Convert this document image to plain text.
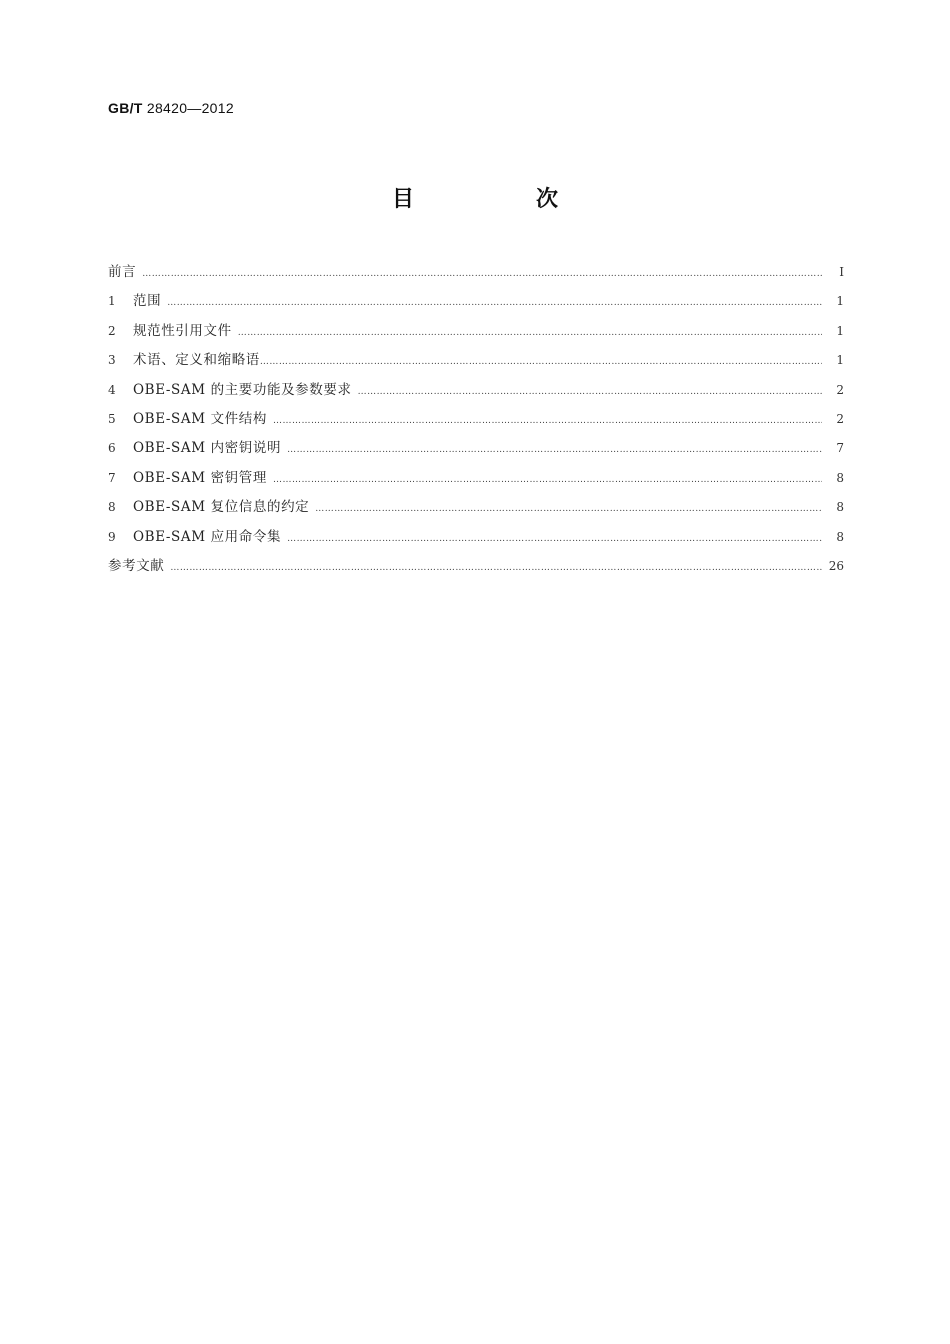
GB/T 28420—2012
目　次
前言 ………………………………………………………………………………………………………………………………………………………………………………………………………………………………………………	Ⅰ
1	范围 ………………………………………………………………………………………………………………………………………………………………………………………………………………………………………………	1
2	规范性引用文件 ………………………………………………………………………………………………………………………………………………………………………………………………………………………………………………	1
3	术语、定义和缩略语 ………………………………………………………………………………………………………………………………………………………………………………………………………………………………………………	1
4	OBE-SAM 的主要功能及参数要求 ………………………………………………………………………………………………………………………………………………………………………………………………………………………………………………	2
5	OBE-SAM 文件结构 ………………………………………………………………………………………………………………………………………………………………………………………………………………………………………………	2
6	OBE-SAM 内密钥说明 ………………………………………………………………………………………………………………………………………………………………………………………………………………………………………………	7
7	OBE-SAM 密钥管理 ………………………………………………………………………………………………………………………………………………………………………………………………………………………………………………	8
8	OBE-SAM 复位信息的约定 ………………………………………………………………………………………………………………………………………………………………………………………………………………………………………………	8
9	OBE-SAM 应用命令集 ………………………………………………………………………………………………………………………………………………………………………………………………………………………………………………	8
参考文献 ………………………………………………………………………………………………………………………………………………………………………………………………………………………………………………	26
